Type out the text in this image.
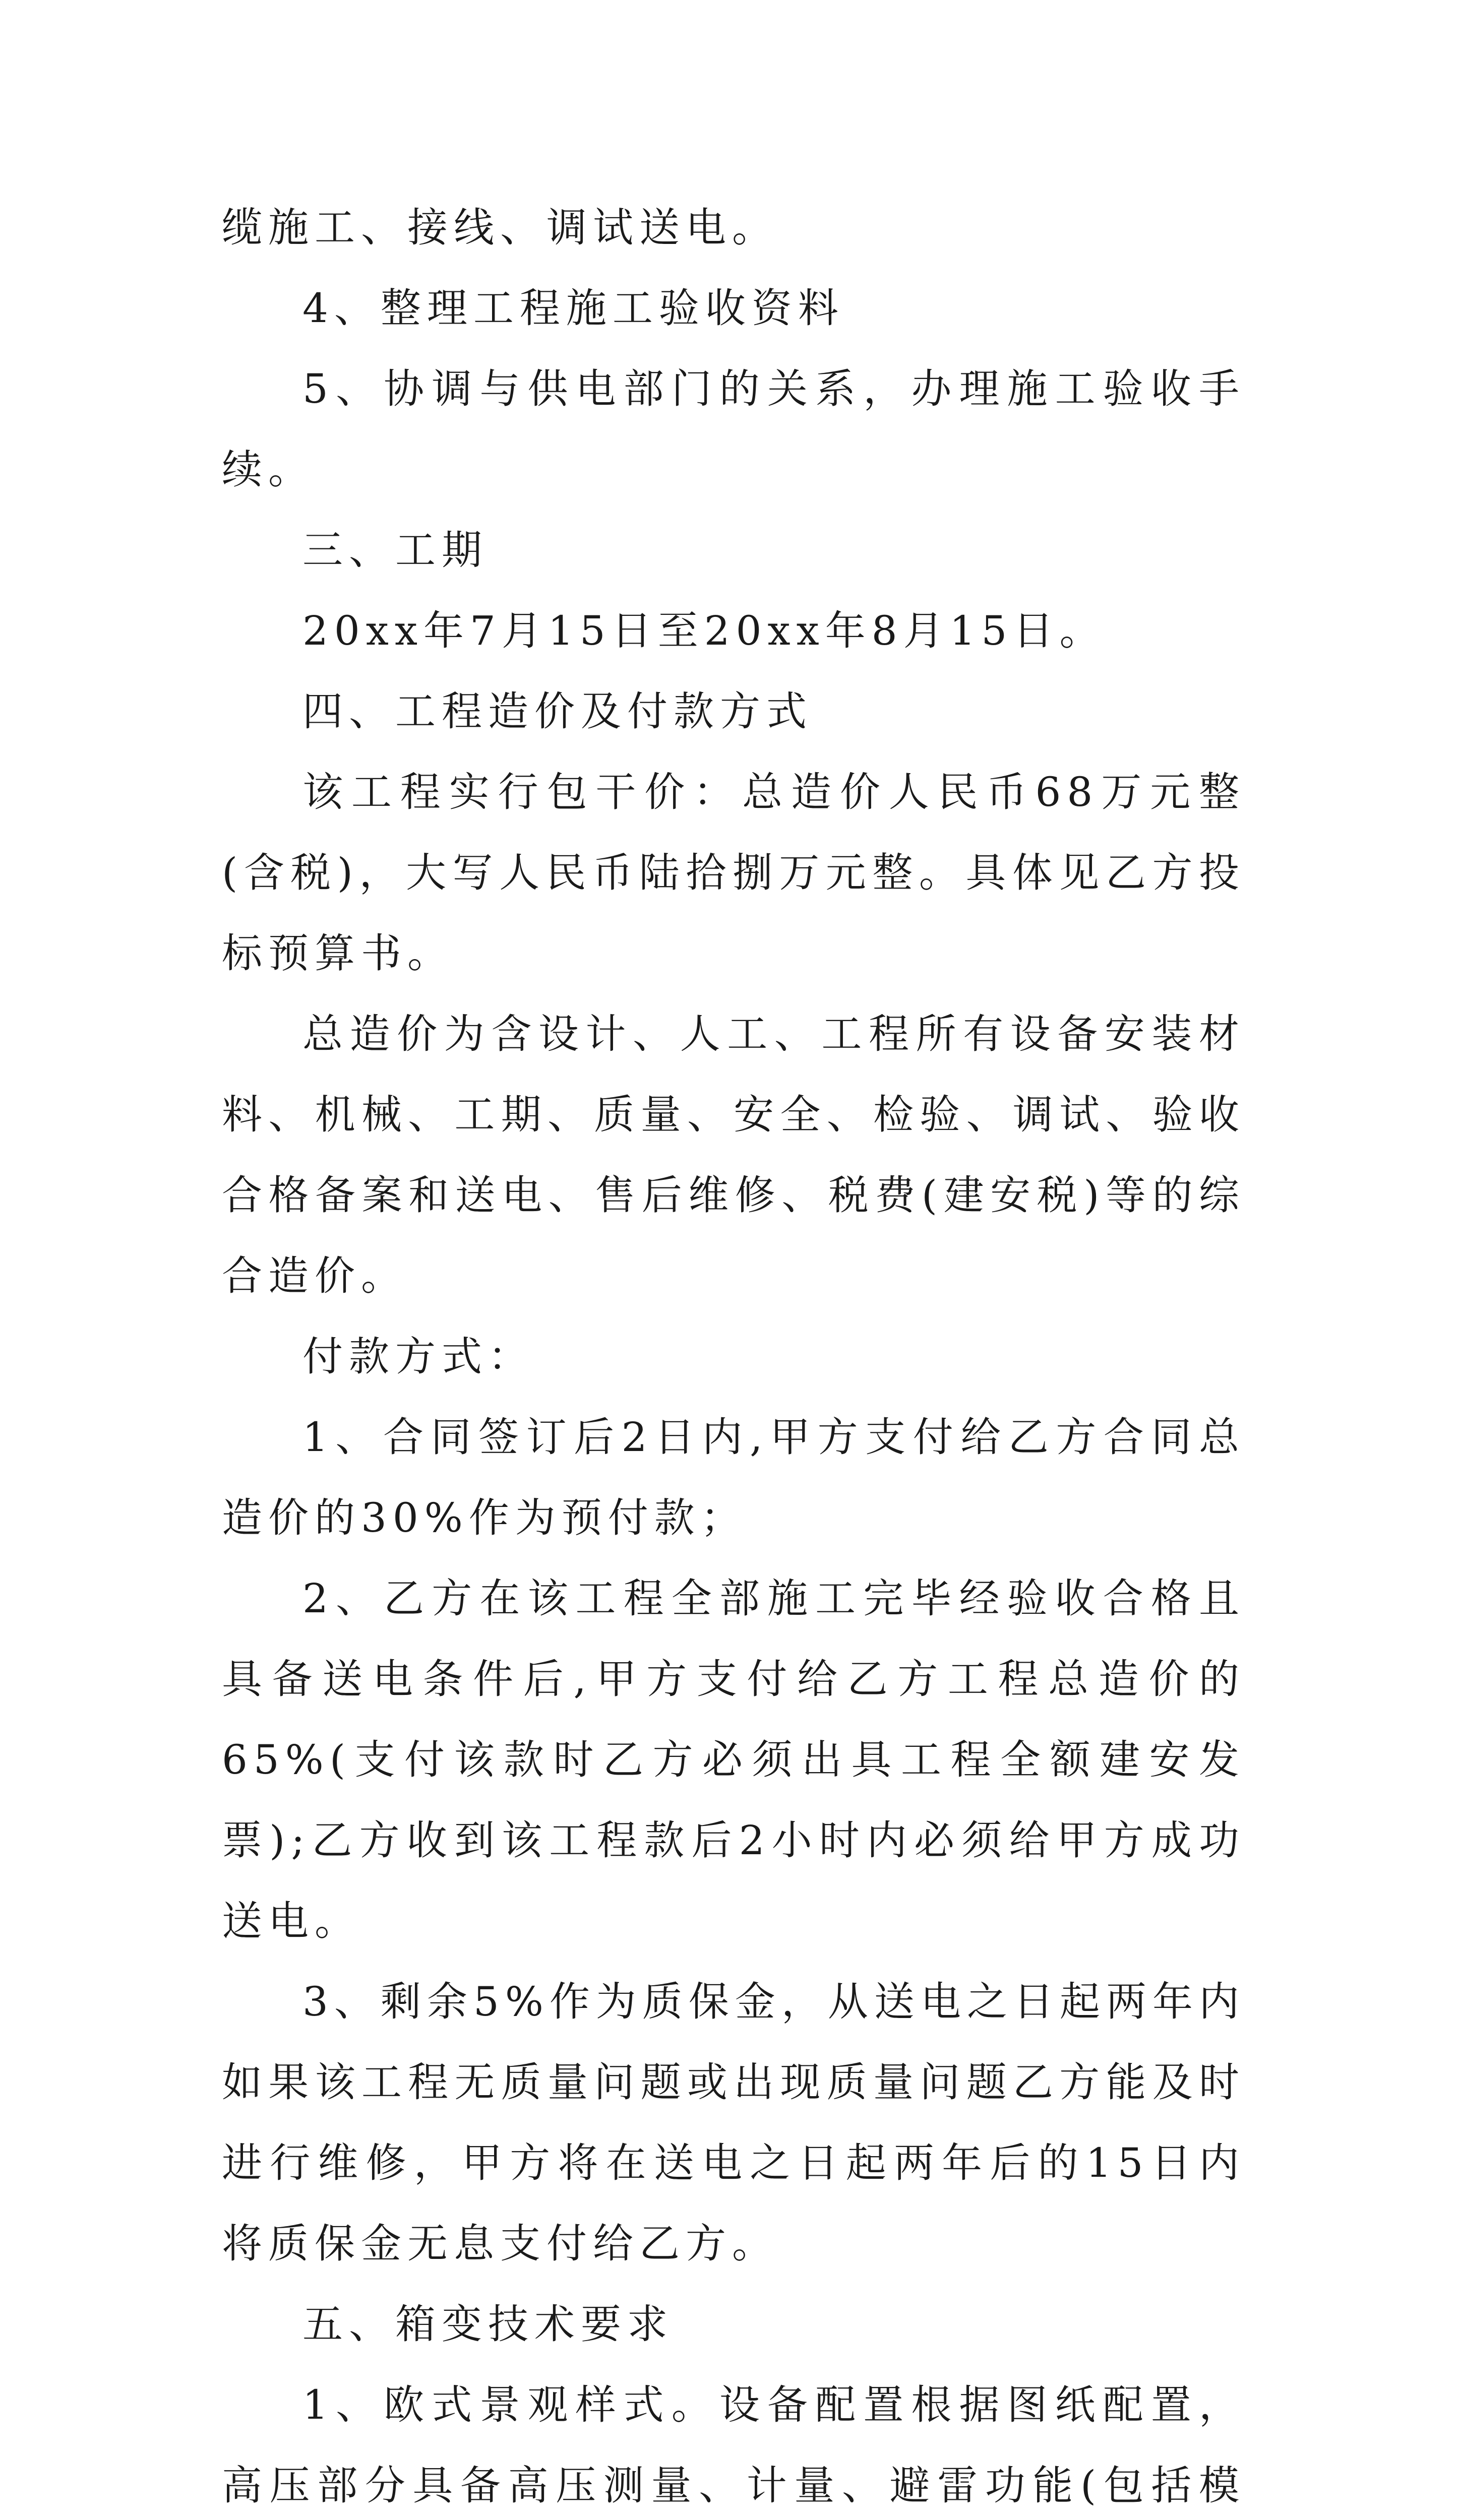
缆施工、接线、调试送电。

4、整理工程施工验收资料

5、协调与供电部门的关系，办理施工验收手续。

三、工期

20xx年7月15日至20xx年8月15日。

四、工程造价及付款方式

该工程实行包干价：总造价人民币68万元整(含税)，大写人民币陆拾捌万元整。具体见乙方投标预算书。

总造价为含设计、人工、工程所有设备安装材料、机械、工期、质量、安全、检验、调试、验收合格备案和送电、售后维修、税费(建安税)等的综合造价。

付款方式：

1、合同签订后2日内,甲方支付给乙方合同总造价的30%作为预付款；

2、乙方在该工程全部施工完毕经验收合格且具备送电条件后,甲方支付给乙方工程总造价的65%(支付该款时乙方必须出具工程全额建安发票);乙方收到该工程款后2小时内必须给甲方成功送电。

3、剩余5%作为质保金，从送电之日起两年内如果该工程无质量问题或出现质量问题乙方能及时进行维修，甲方将在送电之日起两年后的15日内将质保金无息支付给乙方。

五、箱变技术要求

1、欧式景观样式。设备配置根据图纸配置，高压部分具备高压测量、计量、避雷功能(包括模
